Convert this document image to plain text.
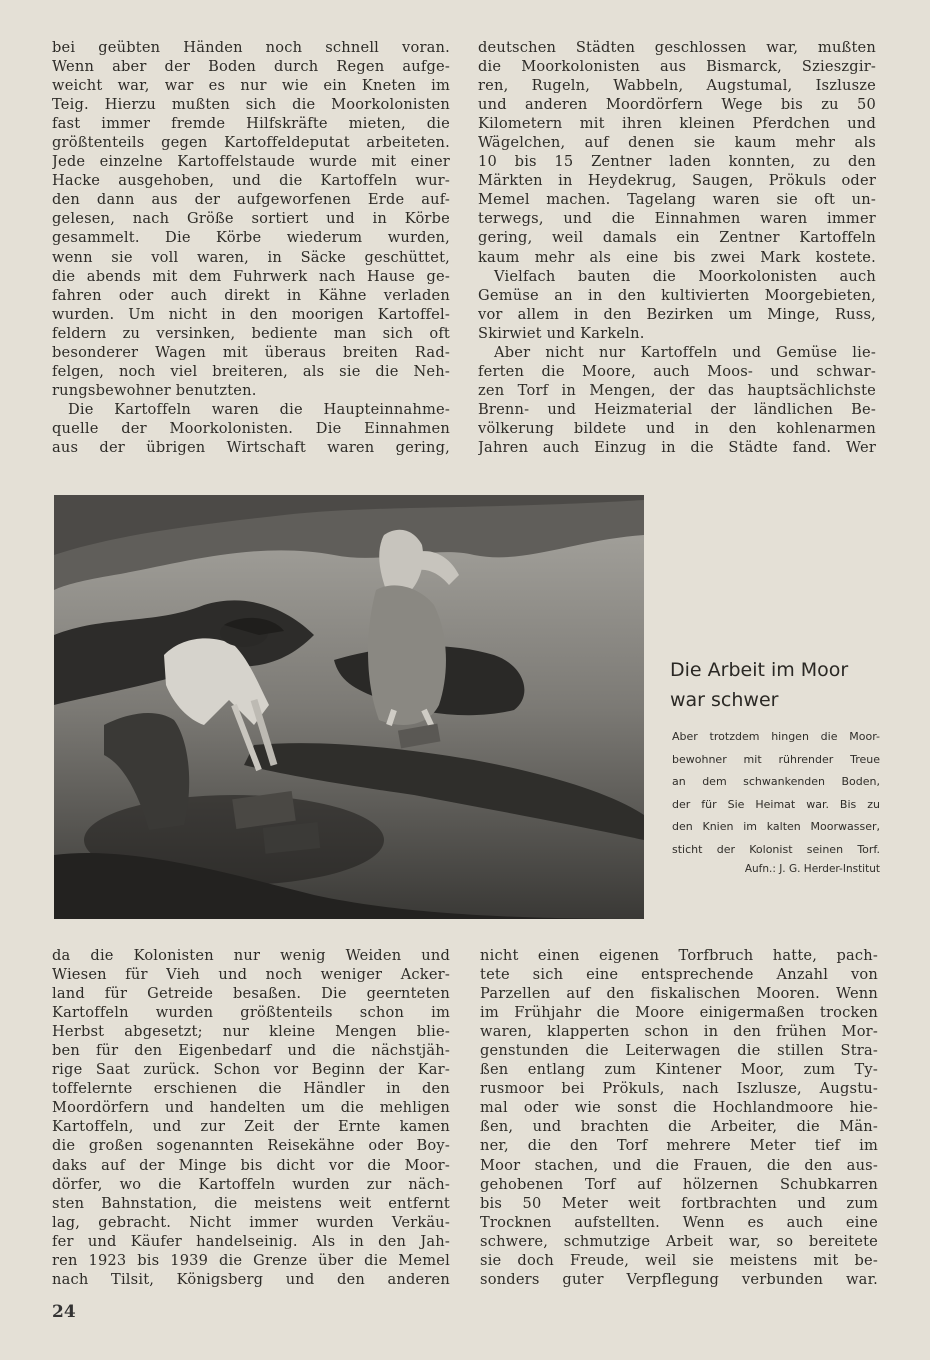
bei geübten Händen noch schnell voran.
Wenn aber der Boden durch Regen aufge-
weicht war, war es nur wie ein Kneten im
Teig. Hierzu mußten sich die Moorkolonisten
fast immer fremde Hilfskräfte mieten, die
größtenteils gegen Kartoffeldeputat arbeiteten.
Jede einzelne Kartoffelstaude wurde mit einer
Hacke ausgehoben, und die Kartoffeln wur-
den dann aus der aufgeworfenen Erde auf-
gelesen, nach Größe sortiert und in Körbe
gesammelt. Die Körbe wiederum wurden,
wenn sie voll waren, in Säcke geschüttet,
die abends mit dem Fuhrwerk nach Hause ge-
fahren oder auch direkt in Kähne verladen
wurden. Um nicht in den moorigen Kartoffel-
feldern zu versinken, bediente man sich oft
besonderer Wagen mit überaus breiten Rad-
felgen, noch viel breiteren, als sie die Neh-
rungsbewohner benutzten.
Die Kartoffeln waren die Haupteinnahme-
quelle der Moorkolonisten. Die Einnahmen
aus der übrigen Wirtschaft waren gering,

deutschen Städten geschlossen war, mußten
die Moorkolonisten aus Bismarck, Szieszgir-
ren, Rugeln, Wabbeln, Augstumal, Iszlusze
und anderen Moordörfern Wege bis zu 50
Kilometern mit ihren kleinen Pferdchen und
Wägelchen, auf denen sie kaum mehr als
10 bis 15 Zentner laden konnten, zu den
Märkten in Heydekrug, Saugen, Prökuls oder
Memel machen. Tagelang waren sie oft un-
terwegs, und die Einnahmen waren immer
gering, weil damals ein Zentner Kartoffeln
kaum mehr als eine bis zwei Mark kostete.
Vielfach bauten die Moorkolonisten auch
Gemüse an in den kultivierten Moorgebieten,
vor allem in den Bezirken um Minge, Russ,
Skirwiet und Karkeln.
Aber nicht nur Kartoffeln und Gemüse lie-
ferten die Moore, auch Moos- und schwar-
zen Torf in Mengen, der das hauptsächlichste
Brenn- und Heizmaterial der ländlichen Be-
völkerung bildete und in den kohlenarmen
Jahren auch Einzug in die Städte fand. Wer

Die Arbeit im Moor
war schwer
Aber trotzdem hingen die Moor-
bewohner mit rührender Treue
an dem schwankenden Boden,
der für Sie Heimat war. Bis zu
den Knien im kalten Moorwasser,
sticht der Kolonist seinen Torf.
Aufn.: J. G. Herder-Institut

da die Kolonisten nur wenig Weiden und
Wiesen für Vieh und noch weniger Acker-
land für Getreide besaßen. Die geernteten
Kartoffeln wurden größtenteils schon im
Herbst abgesetzt; nur kleine Mengen blie-
ben für den Eigenbedarf und die nächstjäh-
rige Saat zurück. Schon vor Beginn der Kar-
toffelernte erschienen die Händler in den
Moordörfern und handelten um die mehligen
Kartoffeln, und zur Zeit der Ernte kamen
die großen sogenannten Reisekähne oder Boy-
daks auf der Minge bis dicht vor die Moor-
dörfer, wo die Kartoffeln wurden zur näch-
sten Bahnstation, die meistens weit entfernt
lag, gebracht. Nicht immer wurden Verkäu-
fer und Käufer handelseinig. Als in den Jah-
ren 1923 bis 1939 die Grenze über die Memel
nach Tilsit, Königsberg und den anderen

nicht einen eigenen Torfbruch hatte, pach-
tete sich eine entsprechende Anzahl von
Parzellen auf den fiskalischen Mooren. Wenn
im Frühjahr die Moore einigermaßen trocken
waren, klapperten schon in den frühen Mor-
genstunden die Leiterwagen die stillen Stra-
ßen entlang zum Kintener Moor, zum Ty-
rusmoor bei Prökuls, nach Iszlusze, Augstu-
mal oder wie sonst die Hochlandmoore hie-
ßen, und brachten die Arbeiter, die Män-
ner, die den Torf mehrere Meter tief im
Moor stachen, und die Frauen, die den aus-
gehobenen Torf auf hölzernen Schubkarren
bis 50 Meter weit fortbrachten und zum
Trocknen aufstellten. Wenn es auch eine
schwere, schmutzige Arbeit war, so bereitete
sie doch Freude, weil sie meistens mit be-
sonders guter Verpflegung verbunden war.

24
